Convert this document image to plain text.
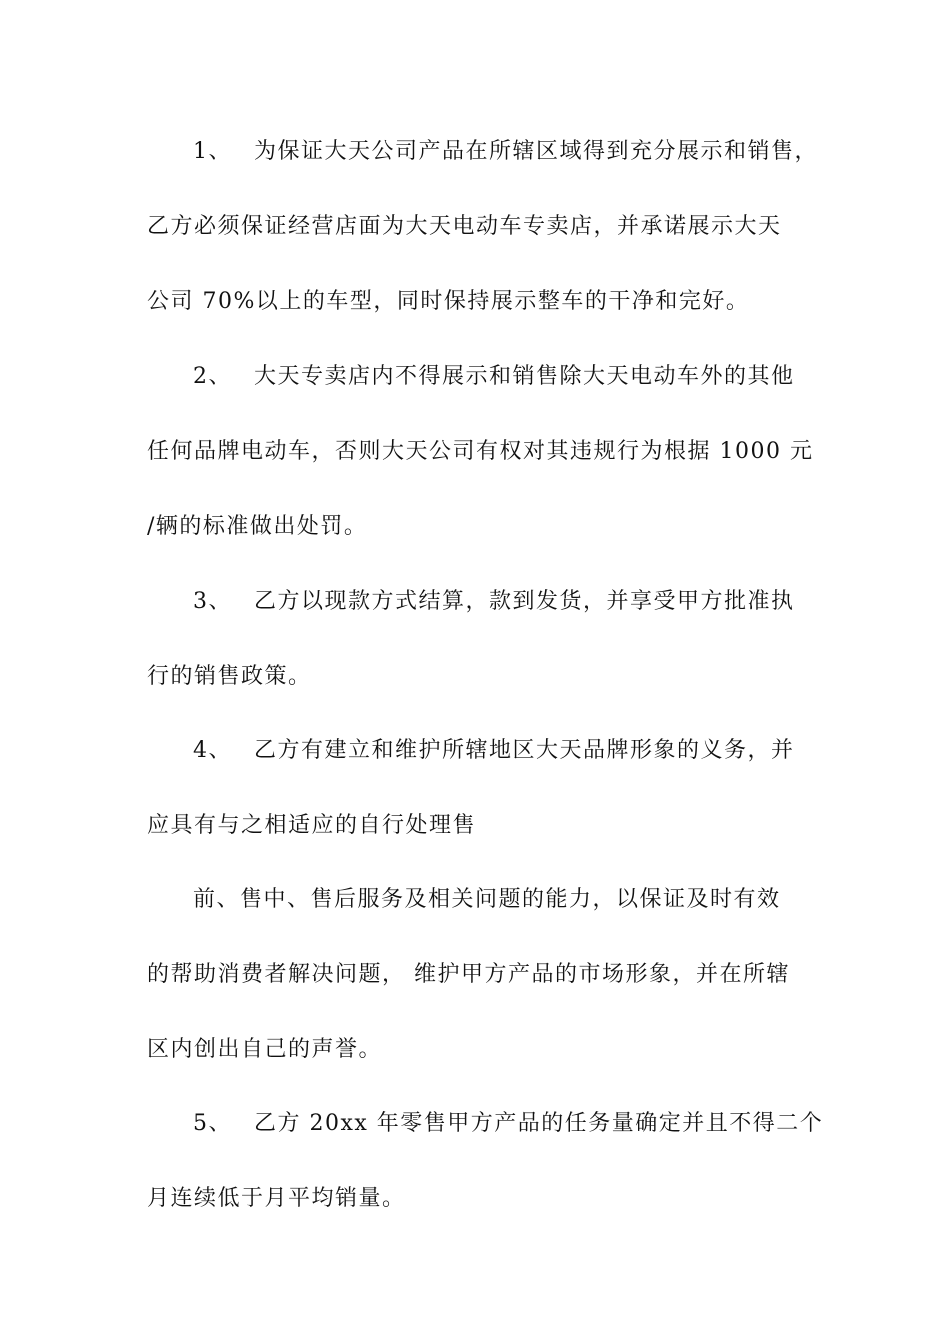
1、 为保证大天公司产品在所辖区域得到充分展示和销售，
乙方必须保证经营店面为大天电动车专卖店，并承诺展示大天
公司 70%以上的车型，同时保持展示整车的干净和完好。
2、 大天专卖店内不得展示和销售除大天电动车外的其他
任何品牌电动车，否则大天公司有权对其违规行为根据 1000 元
/辆的标准做出处罚。
3、 乙方以现款方式结算，款到发货，并享受甲方批准执
行的销售政策。
4、 乙方有建立和维护所辖地区大天品牌形象的义务，并
应具有与之相适应的自行处理售
前、售中、售后服务及相关问题的能力，以保证及时有效
的帮助消费者解决问题， 维护甲方产品的市场形象，并在所辖
区内创出自己的声誉。
5、 乙方 20xx 年零售甲方产品的任务量确定并且不得二个
月连续低于月平均销量。
